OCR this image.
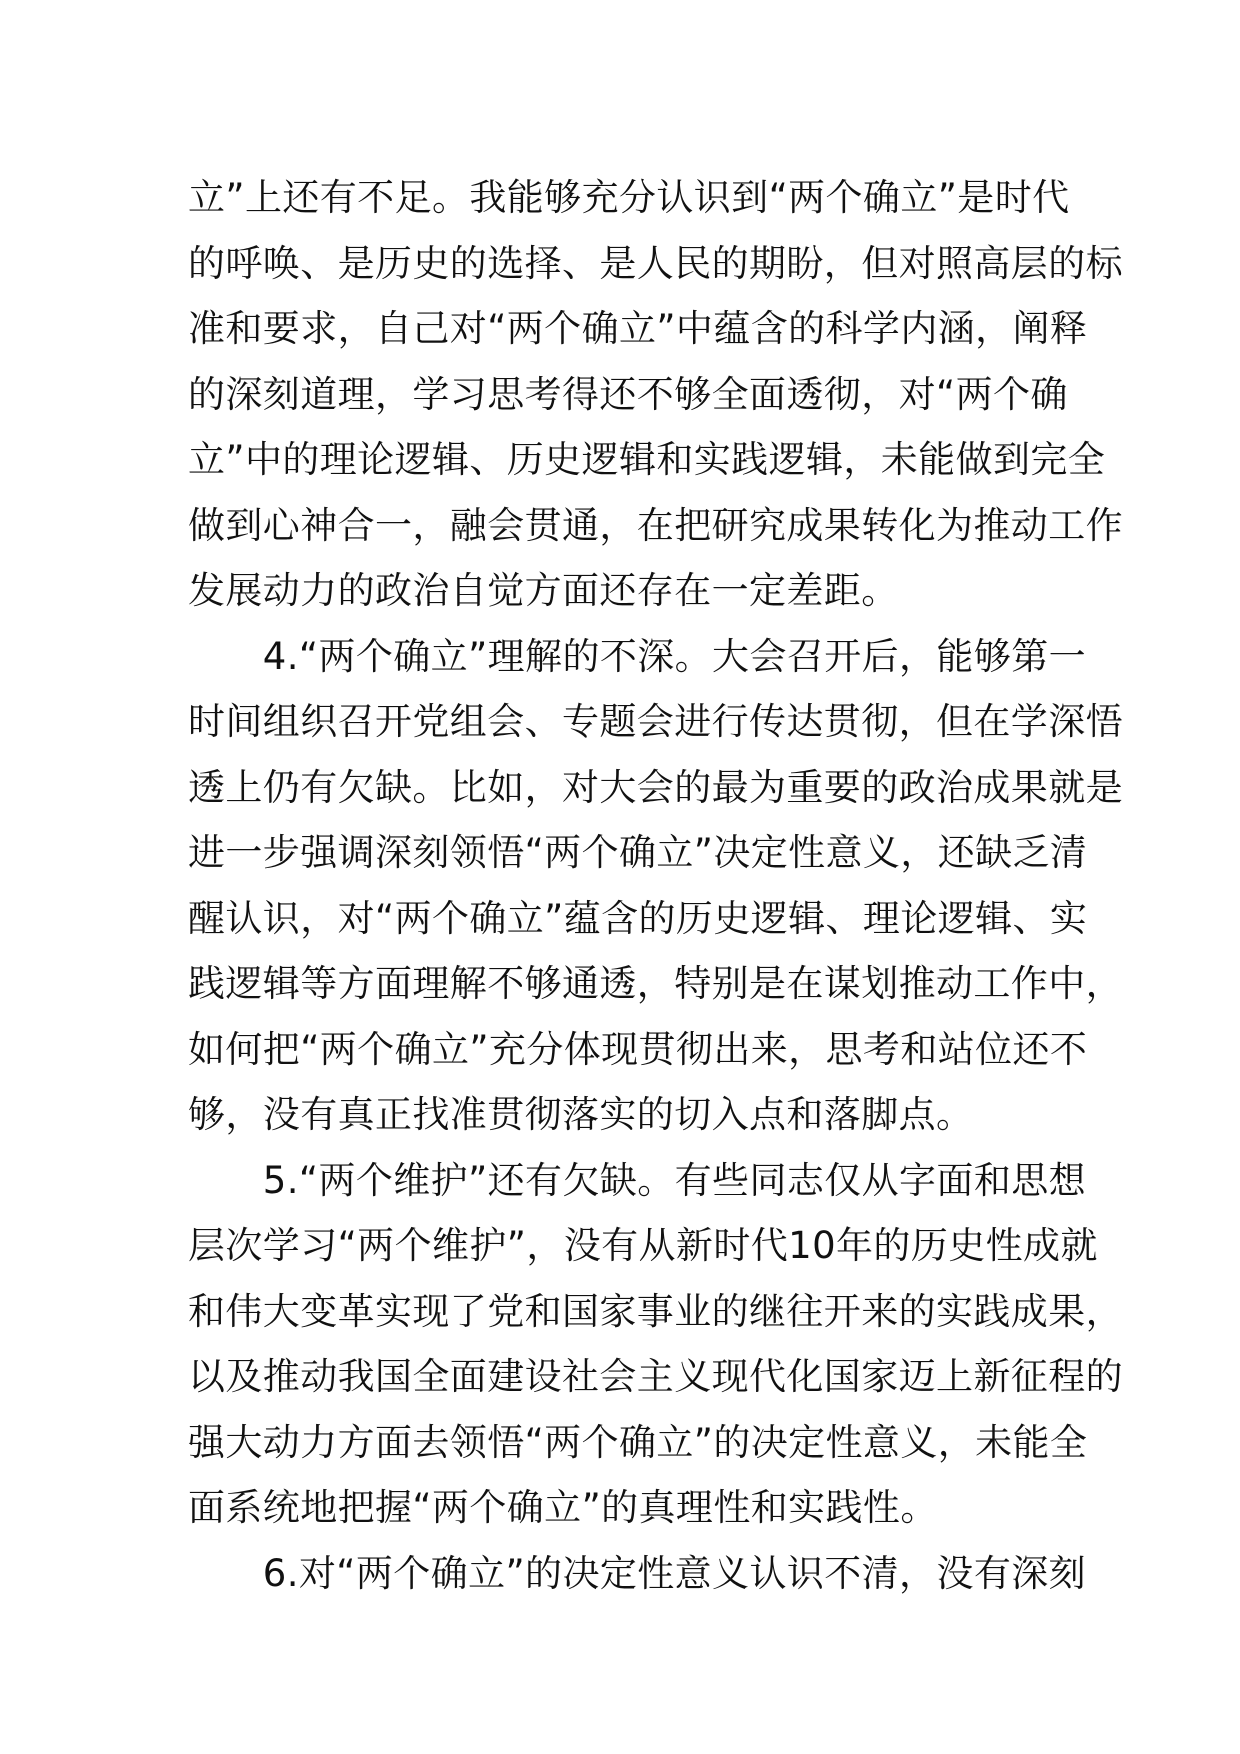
立”上还有不足。我能够充分认识到“两个确立”是时代
的呼唤、是历史的选择、是人民的期盼，但对照高层的标
准和要求，自己对“两个确立”中蕴含的科学内涵，阐释
的深刻道理，学习思考得还不够全面透彻，对“两个确
立”中的理论逻辑、历史逻辑和实践逻辑，未能做到完全
做到心神合一，融会贯通，在把研究成果转化为推动工作
发展动力的政治自觉方面还存在一定差距。
　　4.“两个确立”理解的不深。大会召开后，能够第一
时间组织召开党组会、专题会进行传达贯彻，但在学深悟
透上仍有欠缺。比如，对大会的最为重要的政治成果就是
进一步强调深刻领悟“两个确立”决定性意义，还缺乏清
醒认识，对“两个确立”蕴含的历史逻辑、理论逻辑、实
践逻辑等方面理解不够通透，特别是在谋划推动工作中，
如何把“两个确立”充分体现贯彻出来，思考和站位还不
够，没有真正找准贯彻落实的切入点和落脚点。
　　5.“两个维护”还有欠缺。有些同志仅从字面和思想
层次学习“两个维护”，没有从新时代10年的历史性成就
和伟大变革实现了党和国家事业的继往开来的实践成果，
以及推动我国全面建设社会主义现代化国家迈上新征程的
强大动力方面去领悟“两个确立”的决定性意义，未能全
面系统地把握“两个确立”的真理性和实践性。
　　6.对“两个确立”的决定性意义认识不清，没有深刻
